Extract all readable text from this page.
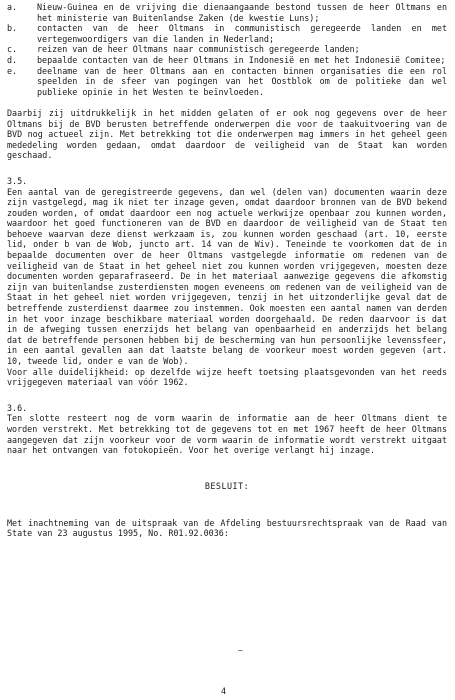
a.	Nieuw-Guinea en de vrijving die dienaangaande bestond tussen de heer Oltmans en het ministerie van Buitenlandse Zaken (de kwestie Luns);
b.	contacten van de heer Oltmans in communistisch geregeerde landen en met vertegenwoordigers van die landen in Nederland;
c.	reizen van de heer Oltmans naar communistisch geregeerde landen;
d.	bepaalde contacten van de heer Oltmans in Indonesië en met het Indonesië Comitee;
e.	deelname van de heer Oltmans aan en contacten binnen organisaties die een rol speelden in de sfeer van pogingen van het Oostblok om de politieke dan wel publieke opinie in het Westen te beïnvloeden.

Daarbij zij uitdrukkelijk in het midden gelaten of er ook nog gegevens over de heer Oltmans bij de BVD berusten betreffende onderwerpen die voor de taakuitvoering van de BVD nog actueel zijn. Met betrekking tot die onderwerpen mag immers in het geheel geen mededeling worden gedaan, omdat daardoor de veiligheid van de Staat kan worden geschaad.

3.5.

Een aantal van de geregistreerde gegevens, dan wel (delen van) documenten waarin deze zijn vastgelegd, mag ik niet ter inzage geven, omdat daardoor bronnen van de BVD bekend zouden worden, of omdat daardoor een nog actuele werkwijze openbaar zou kunnen worden, waardoor het goed functioneren van de BVD en daardoor de veiligheid van de Staat ten behoeve waarvan deze dienst werkzaam is, zou kunnen worden geschaad (art. 10, eerste lid, onder b van de Wob, juncto art. 14 van de Wiv). Teneinde te voorkomen dat de in bepaalde documenten over de heer Oltmans vastgelegde informatie om redenen van de veiligheid van de Staat in het geheel niet zou kunnen worden vrijgegeven, moesten deze documenten worden geparafraseerd. De in het materiaal aanwezige gegevens die afkomstig zijn van buitenlandse zusterdiensten mogen eveneens om redenen van de veiligheid van de Staat in het geheel niet worden vrijgegeven, tenzij in het uitzonderlijke geval dat de betreffende zusterdienst daarmee zou instemmen. Ook moesten een aantal namen van derden in het voor inzage beschikbare materiaal worden doorgehaald. De reden daarvoor is dat in de afweging tussen enerzijds het belang van openbaarheid en anderzijds het belang dat de betreffende personen hebben bij de bescherming van hun persoonlijke levenssfeer, in een aantal gevallen aan dat laatste belang de voorkeur moest worden gegeven (art. 10, tweede lid, onder e van de Wob).

Voor alle duidelijkheid: op dezelfde wijze heeft toetsing plaatsgevonden van het reeds vrijgegeven materiaal van vóór 1962.

3.6.

Ten slotte resteert nog de vorm waarin de informatie aan de heer Oltmans dient te worden verstrekt. Met betrekking tot de gegevens tot en met 1967 heeft de heer Oltmans aangegeven dat zijn voorkeur voor de vorm waarin de informatie wordt verstrekt uitgaat naar het ontvangen van fotokopieën. Voor het overige verlangt hij inzage.

BESLUIT:

Met inachtneming van de uitspraak van de Afdeling bestuursrechtspraak van de Raad van State van 23 augustus 1995, No. R01.92.0036:

~
4
